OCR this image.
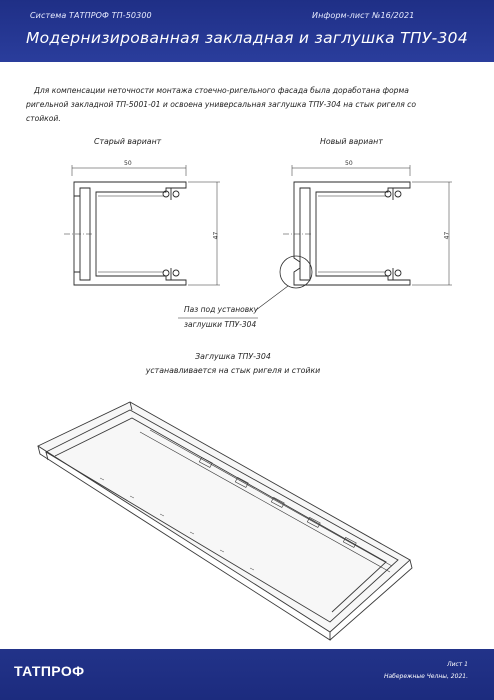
Система ТАТПРОФ ТП-50300	Информ-лист №16/2021
Модернизированная закладная и заглушка ТПУ-304
Для компенсации неточности монтажа стоечно-ригельного фасада была доработана форма ригельной закладной ТП-5001-01 и освоена универсальная заглушка ТПУ-304 на стык ригеля со стойкой.
Старый вариант	Новый вариант
50	50
47	47
Паз под установку
заглушки ТПУ-304
Заглушка ТПУ-304
устанавливается на стык ригеля и стойки
ТАТПРОФ	Лист 1
Набережные Челны, 2021.
